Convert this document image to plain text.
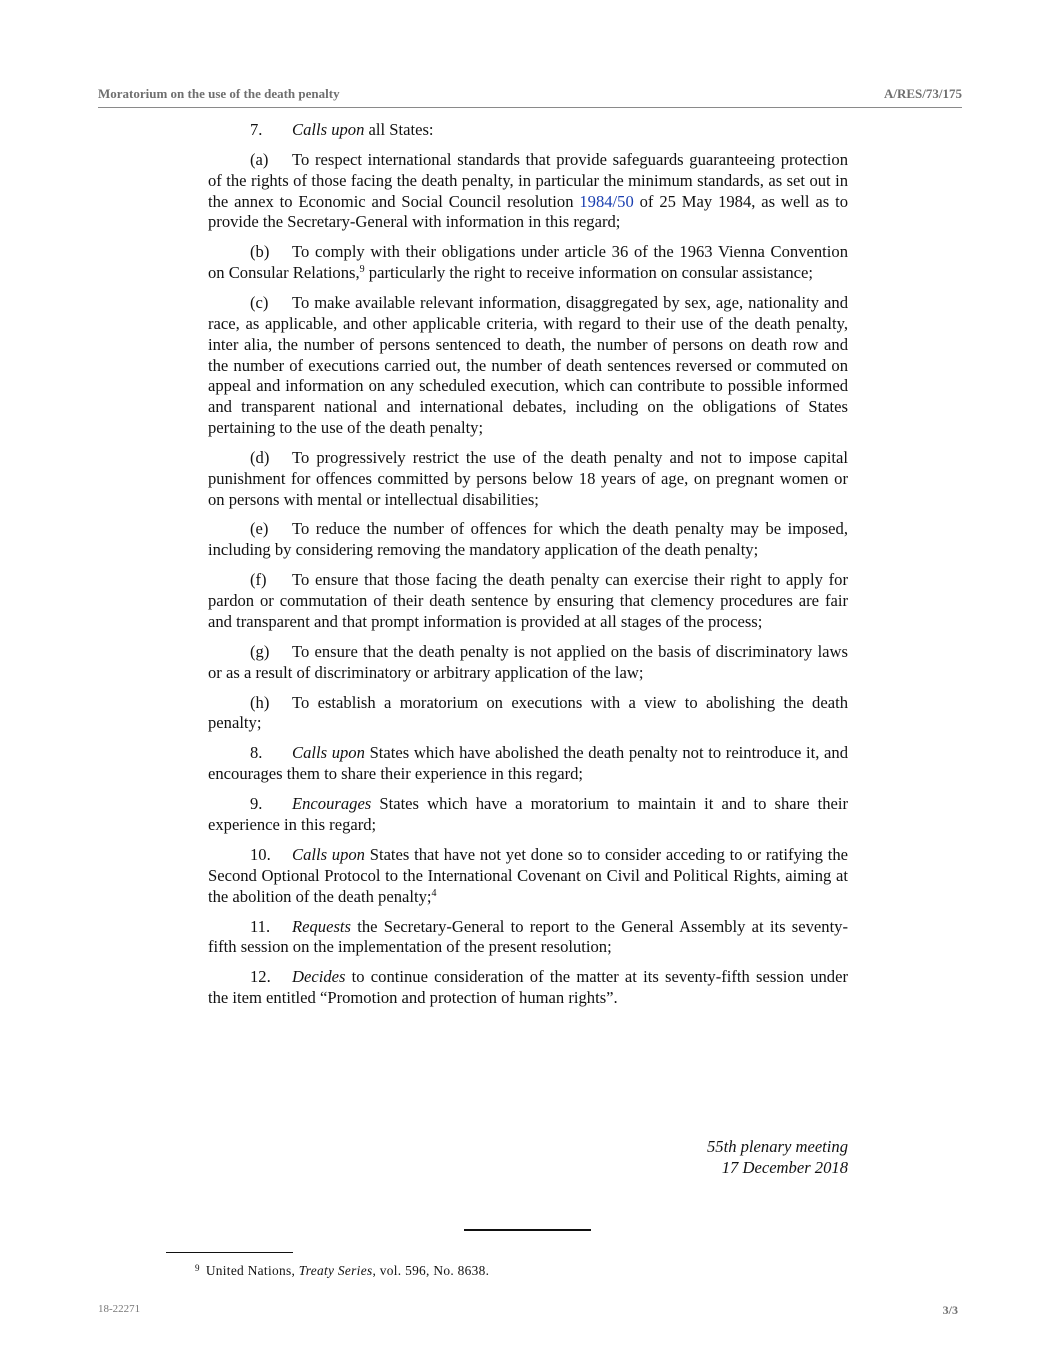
Moratorium on the use of the death penalty	A/RES/73/175

7. Calls upon all States:

(a) To respect international standards that provide safeguards guaranteeing protection of the rights of those facing the death penalty, in particular the minimum standards, as set out in the annex to Economic and Social Council resolution 1984/50 of 25 May 1984, as well as to provide the Secretary-General with information in this regard;

(b) To comply with their obligations under article 36 of the 1963 Vienna Convention on Consular Relations,$^9$ particularly the right to receive information on consular assistance;

(c) To make available relevant information, disaggregated by sex, age, nationality and race, as applicable, and other applicable criteria, with regard to their use of the death penalty, inter alia, the number of persons sentenced to death, the number of persons on death row and the number of executions carried out, the number of death sentences reversed or commuted on appeal and information on any scheduled execution, which can contribute to possible informed and transparent national and international debates, including on the obligations of States pertaining to the use of the death penalty;

(d) To progressively restrict the use of the death penalty and not to impose capital punishment for offences committed by persons below 18 years of age, on pregnant women or on persons with mental or intellectual disabilities;

(e) To reduce the number of offences for which the death penalty may be imposed, including by considering removing the mandatory application of the death penalty;

(f) To ensure that those facing the death penalty can exercise their right to apply for pardon or commutation of their death sentence by ensuring that clemency procedures are fair and transparent and that prompt information is provided at all stages of the process;

(g) To ensure that the death penalty is not applied on the basis of discriminatory laws or as a result of discriminatory or arbitrary application of the law;

(h) To establish a moratorium on executions with a view to abolishing the death penalty;

8. Calls upon States which have abolished the death penalty not to reintroduce it, and encourages them to share their experience in this regard;

9. Encourages States which have a moratorium to maintain it and to share their experience in this regard;

10. Calls upon States that have not yet done so to consider acceding to or ratifying the Second Optional Protocol to the International Covenant on Civil and Political Rights, aiming at the abolition of the death penalty;$^4$

11. Requests the Secretary-General to report to the General Assembly at its seventy-fifth session on the implementation of the present resolution;

12. Decides to continue consideration of the matter at its seventy-fifth session under the item entitled “Promotion and protection of human rights”.

55th plenary meeting
17 December 2018
$^9$ United Nations, Treaty Series, vol. 596, No. 8638.
18-22271	3/3
